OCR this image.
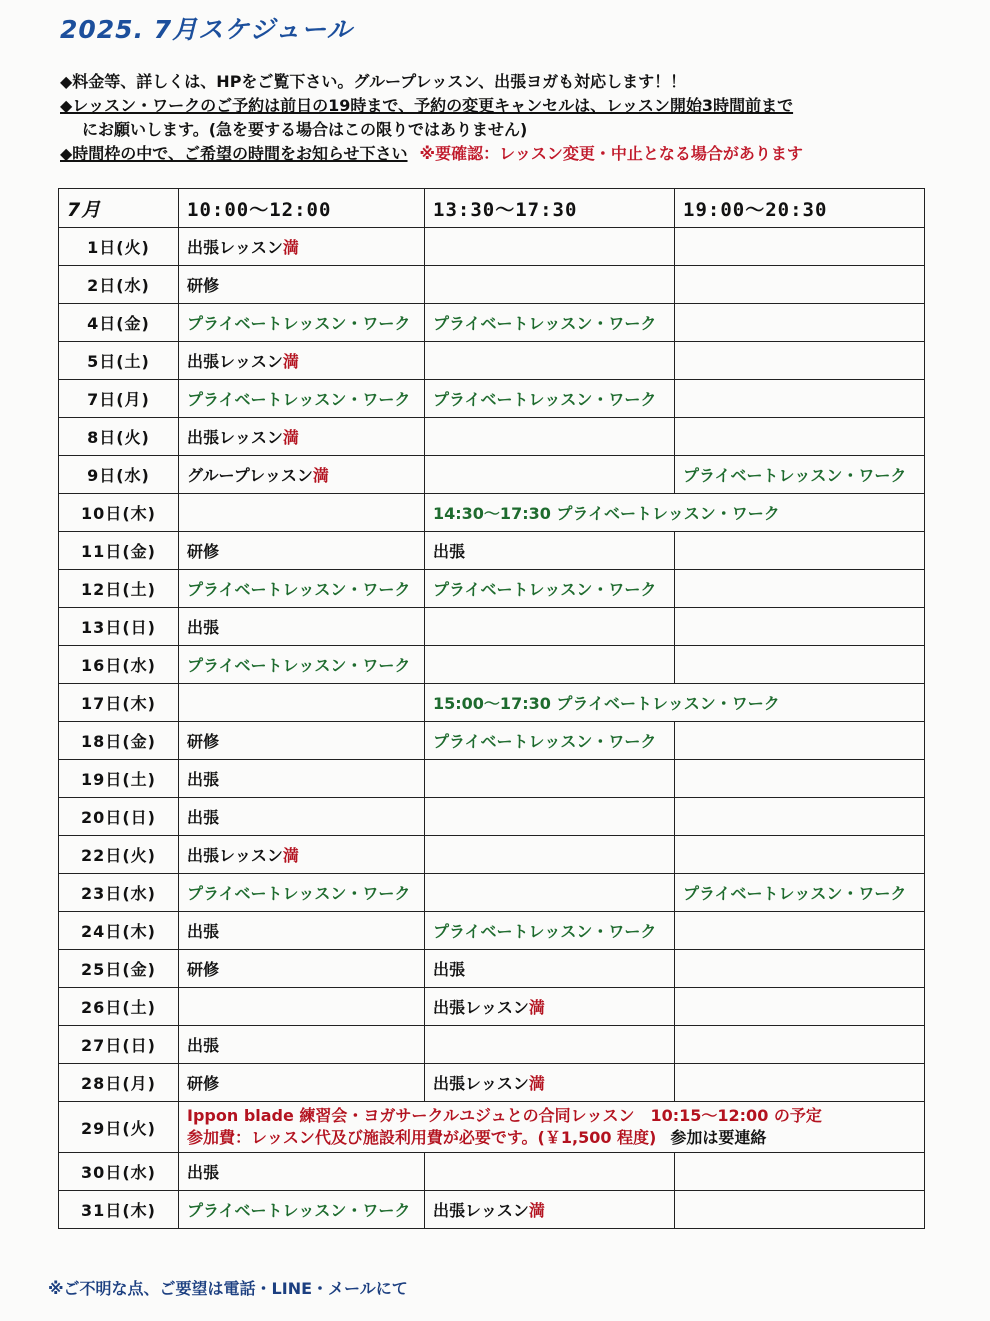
2025. 7月スケジュール
◆料金等、詳しくは、HPをご覧下さい。グループレッスン、出張ヨガも対応します！！
◆レッスン・ワークのご予約は前日の19時まで、予約の変更キャンセルは、レッスン開始3時間前まで
にお願いします。(急を要する場合はこの限りではありません)
◆時間枠の中で、ご希望の時間をお知らせ下さい ※要確認：レッスン変更・中止となる場合があります
7月	10:00～12:00	13:30～17:30	19:00～20:30
1日(火)	出張レッスン満		
2日(水)	研修		
4日(金)	プライベートレッスン・ワーク	プライベートレッスン・ワーク	
5日(土)	出張レッスン満		
7日(月)	プライベートレッスン・ワーク	プライベートレッスン・ワーク	
8日(火)	出張レッスン満		
9日(水)	グループレッスン満		プライベートレッスン・ワーク
10日(木)		14:30～17:30 プライベートレッスン・ワーク	
11日(金)	研修	出張	
12日(土)	プライベートレッスン・ワーク	プライベートレッスン・ワーク	
13日(日)	出張		
16日(水)	プライベートレッスン・ワーク		
17日(木)		15:00～17:30 プライベートレッスン・ワーク	
18日(金)	研修	プライベートレッスン・ワーク	
19日(土)	出張		
20日(日)	出張		
22日(火)	出張レッスン満		
23日(水)	プライベートレッスン・ワーク		プライベートレッスン・ワーク
24日(木)	出張	プライベートレッスン・ワーク	
25日(金)	研修	出張	
26日(土)		出張レッスン満	
27日(日)	出張		
28日(月)	研修	出張レッスン満	
29日(火)	Ippon blade 練習会・ヨガサークルユジュとの合同レッスン　10:15～12:00 の予定
参加費：レッスン代及び施設利用費が必要です。(￥1,500 程度) 参加は要連絡		

30日(水)	出張		
31日(木)	プライベートレッスン・ワーク	出張レッスン満	
※ご不明な点、ご要望は電話・LINE・メールにて
